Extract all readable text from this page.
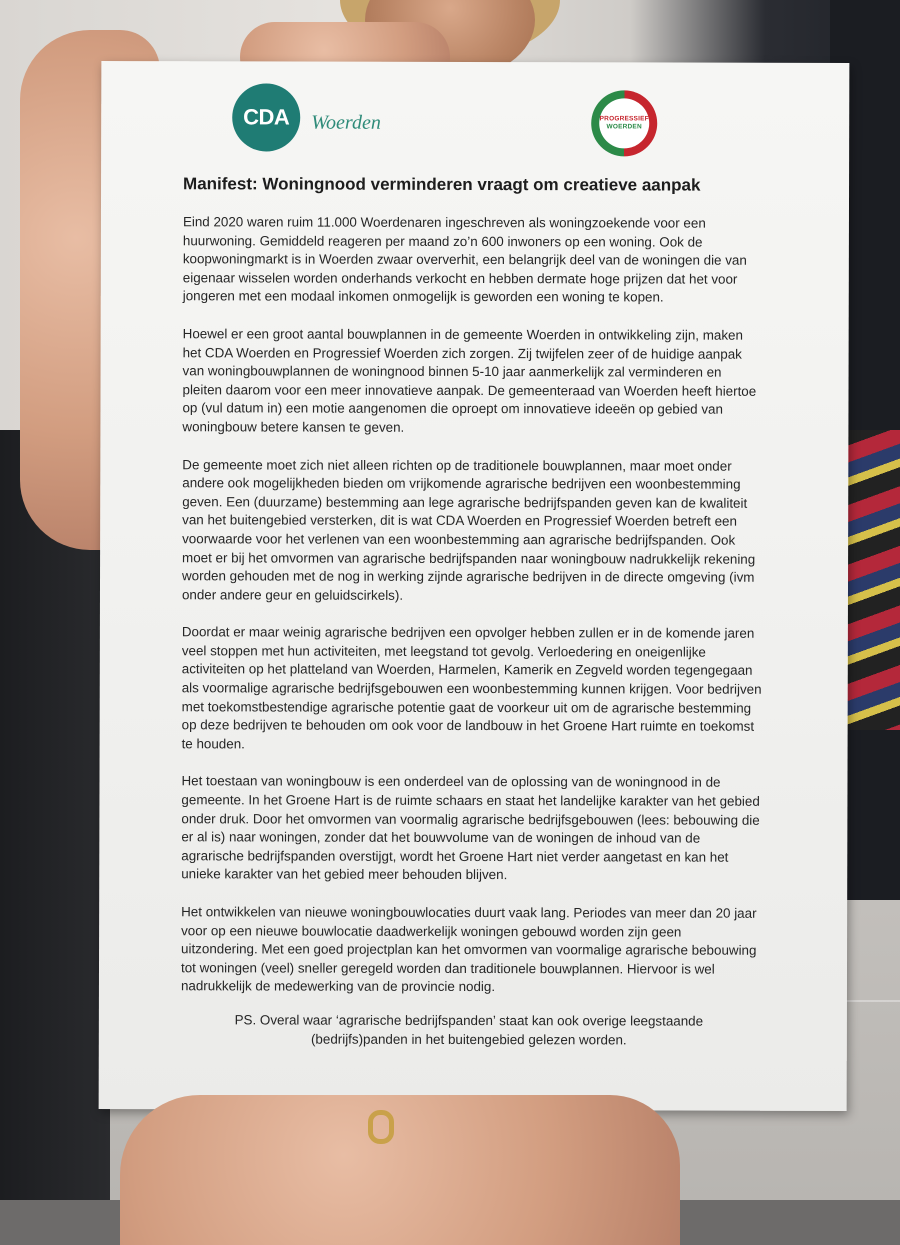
CDA Woerden	PROGRESSIEF
WOERDEN
Manifest: Woningnood verminderen vraagt om creatieve aanpak

Eind 2020 waren ruim 11.000 Woerdenaren ingeschreven als woningzoekende voor een huurwoning. Gemiddeld reageren per maand zo’n 600 inwoners op een woning. Ook de koopwoningmarkt is in Woerden zwaar oververhit, een belangrijk deel van de woningen die van eigenaar wisselen worden onderhands verkocht en hebben dermate hoge prijzen dat het voor jongeren met een modaal inkomen onmogelijk is geworden een woning te kopen.

Hoewel er een groot aantal bouwplannen in de gemeente Woerden in ontwikkeling zijn, maken het CDA Woerden en Progressief Woerden zich zorgen. Zij twijfelen zeer of de huidige aanpak van woningbouwplannen de woningnood binnen 5-10 jaar aanmerkelijk zal verminderen en pleiten daarom voor een meer innovatieve aanpak. De gemeenteraad van Woerden heeft hiertoe op (vul datum in) een motie aangenomen die oproept om innovatieve ideeën op gebied van woningbouw betere kansen te geven.

De gemeente moet zich niet alleen richten op de traditionele bouwplannen, maar moet onder andere ook mogelijkheden bieden om vrijkomende agrarische bedrijven een woonbestemming geven. Een (duurzame) bestemming aan lege agrarische bedrijfspanden geven kan de kwaliteit van het buitengebied versterken, dit is wat CDA Woerden en Progressief Woerden betreft een voorwaarde voor het verlenen van een woonbestemming aan agrarische bedrijfspanden. Ook moet er bij het omvormen van agrarische bedrijfspanden naar woningbouw nadrukkelijk rekening worden gehouden met de nog in werking zijnde agrarische bedrijven in de directe omgeving (ivm onder andere geur en geluidscirkels).

Doordat er maar weinig agrarische bedrijven een opvolger hebben zullen er in de komende jaren veel stoppen met hun activiteiten, met leegstand tot gevolg. Verloedering en oneigenlijke activiteiten op het platteland van Woerden, Harmelen, Kamerik en Zegveld worden tegengegaan als voormalige agrarische bedrijfsgebouwen een woonbestemming kunnen krijgen. Voor bedrijven met toekomstbestendige agrarische potentie gaat de voorkeur uit om de agrarische bestemming op deze bedrijven te behouden om ook voor de landbouw in het Groene Hart ruimte en toekomst te houden.

Het toestaan van woningbouw is een onderdeel van de oplossing van de woningnood in de gemeente. In het Groene Hart is de ruimte schaars en staat het landelijke karakter van het gebied onder druk. Door het omvormen van voormalig agrarische bedrijfsgebouwen (lees: bebouwing die er al is) naar woningen, zonder dat het bouwvolume van de woningen de inhoud van de agrarische bedrijfspanden overstijgt, wordt het Groene Hart niet verder aangetast en kan het unieke karakter van het gebied meer behouden blijven.

Het ontwikkelen van nieuwe woningbouwlocaties duurt vaak lang. Periodes van meer dan 20 jaar voor op een nieuwe bouwlocatie daadwerkelijk woningen gebouwd worden zijn geen uitzondering. Met een goed projectplan kan het omvormen van voormalige agrarische bebouwing tot woningen (veel) sneller geregeld worden dan traditionele bouwplannen. Hiervoor is wel nadrukkelijk de medewerking van de provincie nodig.

PS. Overal waar ‘agrarische bedrijfspanden’ staat kan ook overige leegstaande (bedrijfs)panden in het buitengebied gelezen worden.
